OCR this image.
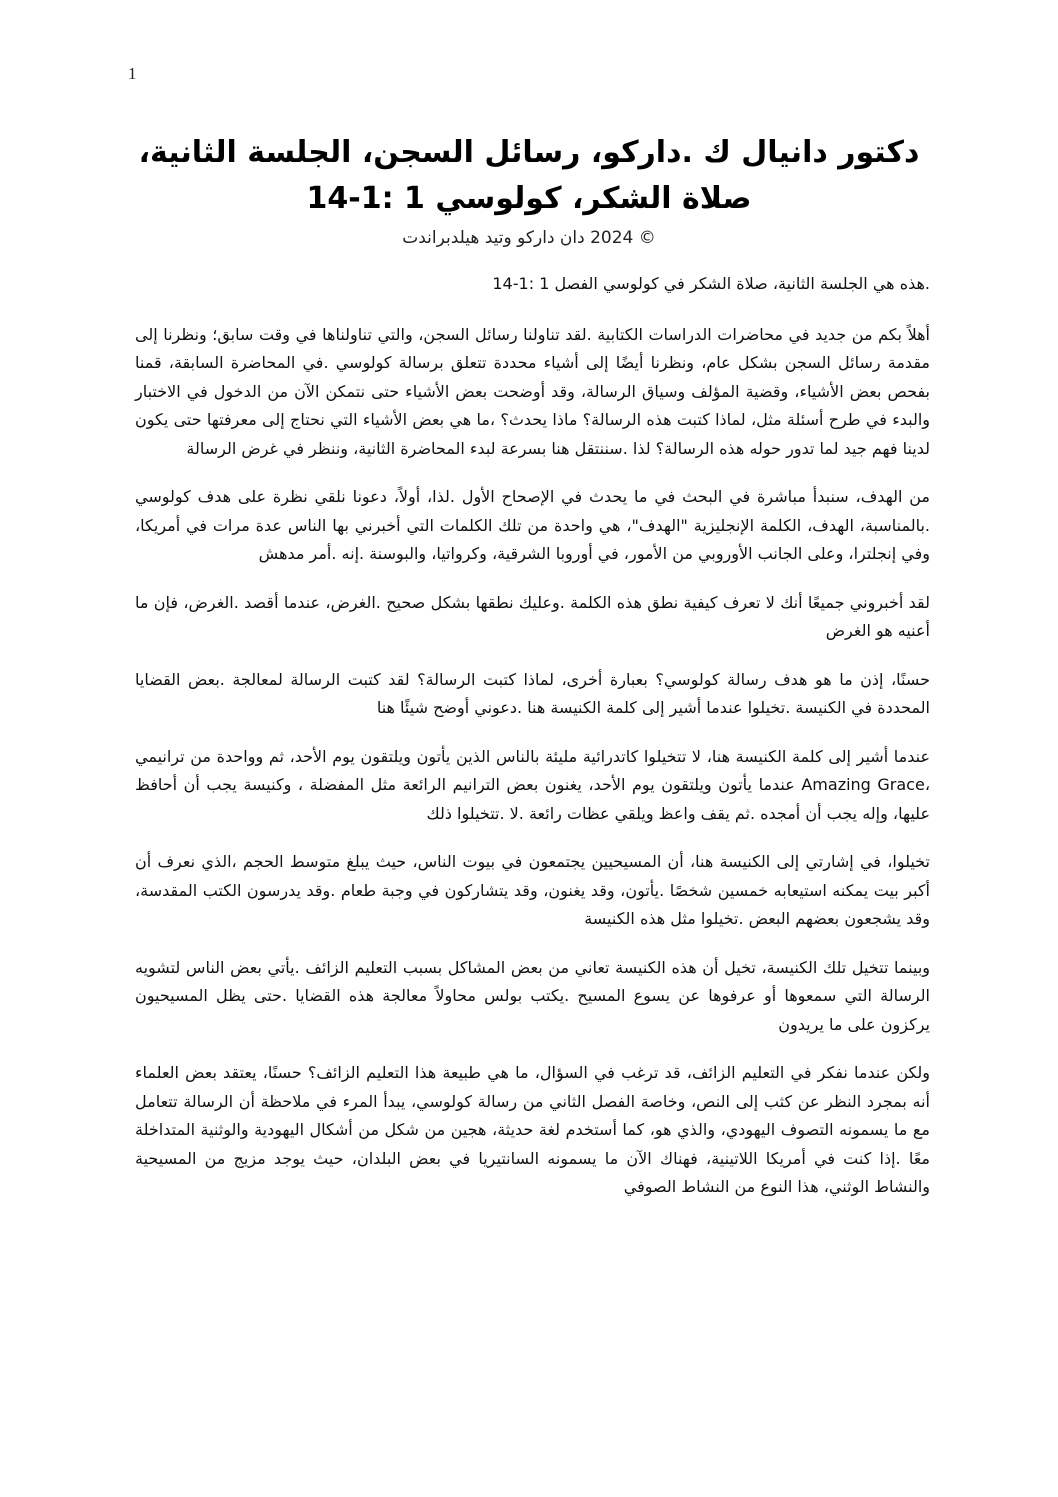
1
دكتور دانيال ك .داركو، رسائل السجن، الجلسة الثانية، صلاة الشكر، كولوسي 1 :1-14

© 2024 دان داركو وتيد هيلدبراندت

.هذه هي الجلسة الثانية، صلاة الشكر في كولوسي الفصل 1 :1-14

أهلاً بكم من جديد في محاضرات الدراسات الكتابية .لقد تناولنا رسائل السجن، والتي تناولناها في وقت سابق؛ ونظرنا إلى مقدمة رسائل السجن بشكل عام، ونظرنا أيضًا إلى أشياء محددة تتعلق برسالة كولوسي .في المحاضرة السابقة، قمنا بفحص بعض الأشياء، وقضية المؤلف وسياق الرسالة، وقد أوضحت بعض الأشياء حتى نتمكن الآن من الدخول في الاختبار والبدء في طرح أسئلة مثل، لماذا كتبت هذه الرسالة؟ ماذا يحدث؟ ،ما هي بعض الأشياء التي نحتاج إلى معرفتها حتى يكون لدينا فهم جيد لما تدور حوله هذه الرسالة؟ لذا .سننتقل هنا بسرعة لبدء المحاضرة الثانية، وننظر في غرض الرسالة

من الهدف، سنبدأ مباشرة في البحث في ما يحدث في الإصحاح الأول .لذا، أولاً، دعونا نلقي نظرة على هدف كولوسي .بالمناسبة، الهدف، الكلمة الإنجليزية "الهدف"، هي واحدة من تلك الكلمات التي أخبرني بها الناس عدة مرات في أمريكا، وفي إنجلترا، وعلى الجانب الأوروبي من الأمور، في أوروبا الشرقية، وكرواتيا، والبوسنة .إنه .أمر مدهش

لقد أخبروني جميعًا أنك لا تعرف كيفية نطق هذه الكلمة .وعليك نطقها بشكل صحيح .الغرض، عندما أقصد .الغرض، فإن ما أعنيه هو الغرض

حسنًا، إذن ما هو هدف رسالة كولوسي؟ بعبارة أخرى، لماذا كتبت الرسالة؟ لقد كتبت الرسالة لمعالجة .بعض القضايا المحددة في الكنيسة .تخيلوا عندما أشير إلى كلمة الكنيسة هنا .دعوني أوضح شيئًا هنا

عندما أشير إلى كلمة الكنيسة هنا، لا تتخيلوا كاتدرائية مليئة بالناس الذين يأتون ويلتقون يوم الأحد، ثم وواحدة من ترانيمي ،Amazing Grace عندما يأتون ويلتقون يوم الأحد، يغنون بعض الترانيم الرائعة مثل المفضلة ، وكنيسة يجب أن أحافظ عليها، وإله يجب أن أمجده .ثم يقف واعظ ويلقي عظات رائعة .لا .تتخيلوا ذلك

تخيلوا، في إشارتي إلى الكنيسة هنا، أن المسيحيين يجتمعون في بيوت الناس، حيث يبلغ متوسط الحجم ،الذي نعرف أن أكبر بيت يمكنه استيعابه خمسين شخصًا .يأتون، وقد يغنون، وقد يتشاركون في وجبة طعام .وقد يدرسون الكتب المقدسة، وقد يشجعون بعضهم البعض .تخيلوا مثل هذه الكنيسة

وبينما تتخيل تلك الكنيسة، تخيل أن هذه الكنيسة تعاني من بعض المشاكل بسبب التعليم الزائف .يأتي بعض الناس لتشويه الرسالة التي سمعوها أو عرفوها عن يسوع المسيح .يكتب بولس محاولاً معالجة هذه القضايا .حتى يظل المسيحيون يركزون على ما يريدون

ولكن عندما نفكر في التعليم الزائف، قد ترغب في السؤال، ما هي طبيعة هذا التعليم الزائف؟ حسنًا، يعتقد بعض العلماء أنه بمجرد النظر عن كثب إلى النص، وخاصة الفصل الثاني من رسالة كولوسي، يبدأ المرء في ملاحظة أن الرسالة تتعامل مع ما يسمونه التصوف اليهودي، والذي هو، كما أستخدم لغة حديثة، هجين من شكل من أشكال اليهودية والوثنية المتداخلة معًا .إذا كنت في أمريكا اللاتينية، فهناك الآن ما يسمونه السانتيريا في بعض البلدان، حيث يوجد مزيج من المسيحية والنشاط الوثني، هذا النوع من النشاط الصوفي
